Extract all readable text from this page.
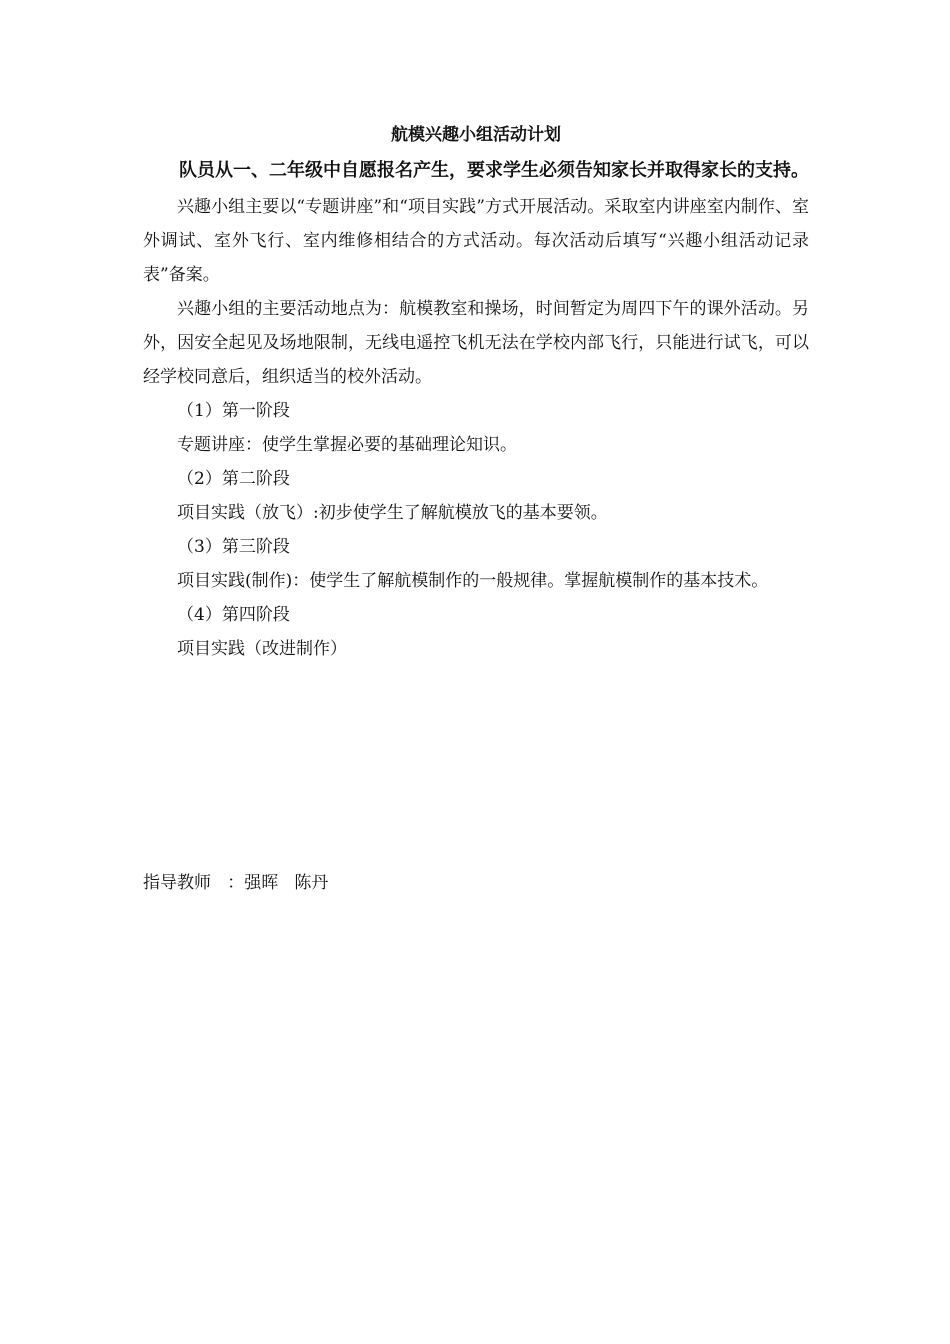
航模兴趣小组活动计划

队员从一、二年级中自愿报名产生，要求学生必须告知家长并取得家长的支持。

兴趣小组主要以“专题讲座”和“项目实践”方式开展活动。采取室内讲座室内制作、室外调试、室外飞行、室内维修相结合的方式活动。每次活动后填写“兴趣小组活动记录表”备案。

兴趣小组的主要活动地点为：航模教室和操场，时间暂定为周四下午的课外活动。另外，因安全起见及场地限制，无线电遥控飞机无法在学校内部飞行，只能进行试飞，可以经学校同意后，组织适当的校外活动。

（1）第一阶段

专题讲座：使学生掌握必要的基础理论知识。

（2）第二阶段

项目实践（放飞）:初步使学生了解航模放飞的基本要领。

（3）第三阶段

项目实践(制作)：使学生了解航模制作的一般规律。掌握航模制作的基本技术。

（4）第四阶段

项目实践（改进制作）

指导教师   ：强晖   陈丹
